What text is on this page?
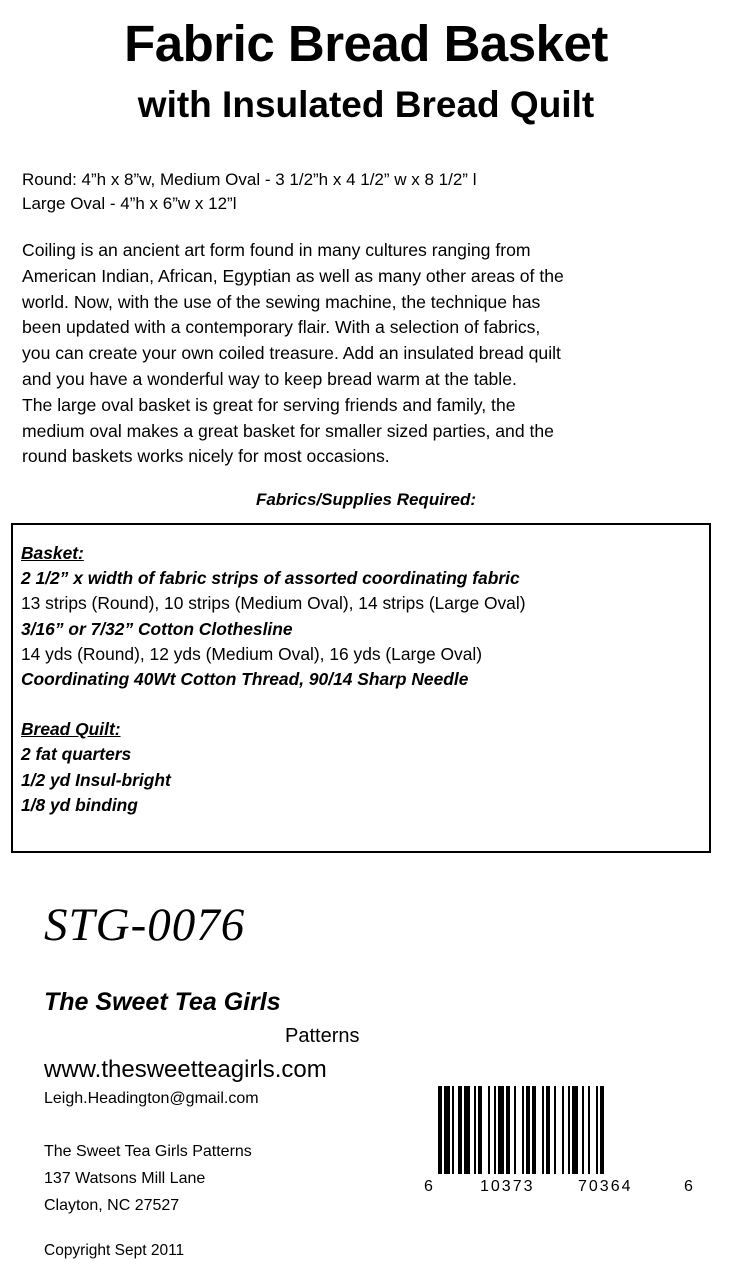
Fabric Bread Basket
with Insulated Bread Quilt
Round: 4”h x 8”w, Medium Oval - 3 1/2”h x 4 1/2” w x 8 1/2” l
Large Oval - 4”h x 6”w x 12”l

Coiling is an ancient art form found in many cultures ranging from

American Indian, African, Egyptian as well as many other areas of the

world. Now, with the use of the sewing machine, the technique has

been updated with a contemporary flair. With a selection of fabrics,

you can create your own coiled treasure. Add an insulated bread quilt

and you have a wonderful way to keep bread warm at the table.

The large oval basket is great for serving friends and family, the

medium oval makes a great basket for smaller sized parties, and the

round baskets works nicely for most occasions.

Fabrics/Supplies Required:
Basket:
2 1/2” x width of fabric strips of assorted coordinating fabric
13 strips (Round), 10 strips (Medium Oval), 14 strips (Large Oval)
3/16” or 7/32” Cotton Clothesline
14 yds (Round), 12 yds (Medium Oval), 16 yds (Large Oval)
Coordinating 40Wt Cotton Thread, 90/14 Sharp Needle
Bread Quilt:
2 fat quarters
1/2 yd Insul-bright
1/8 yd binding
STG-0076
The Sweet Tea Girls
Patterns
www.thesweetteagirls.com
Leigh.Headington@gmail.com
The Sweet Tea Girls Patterns
137 Watsons Mill Lane
Clayton, NC 27527
Copyright Sept 2011
6	10373	70364	6
